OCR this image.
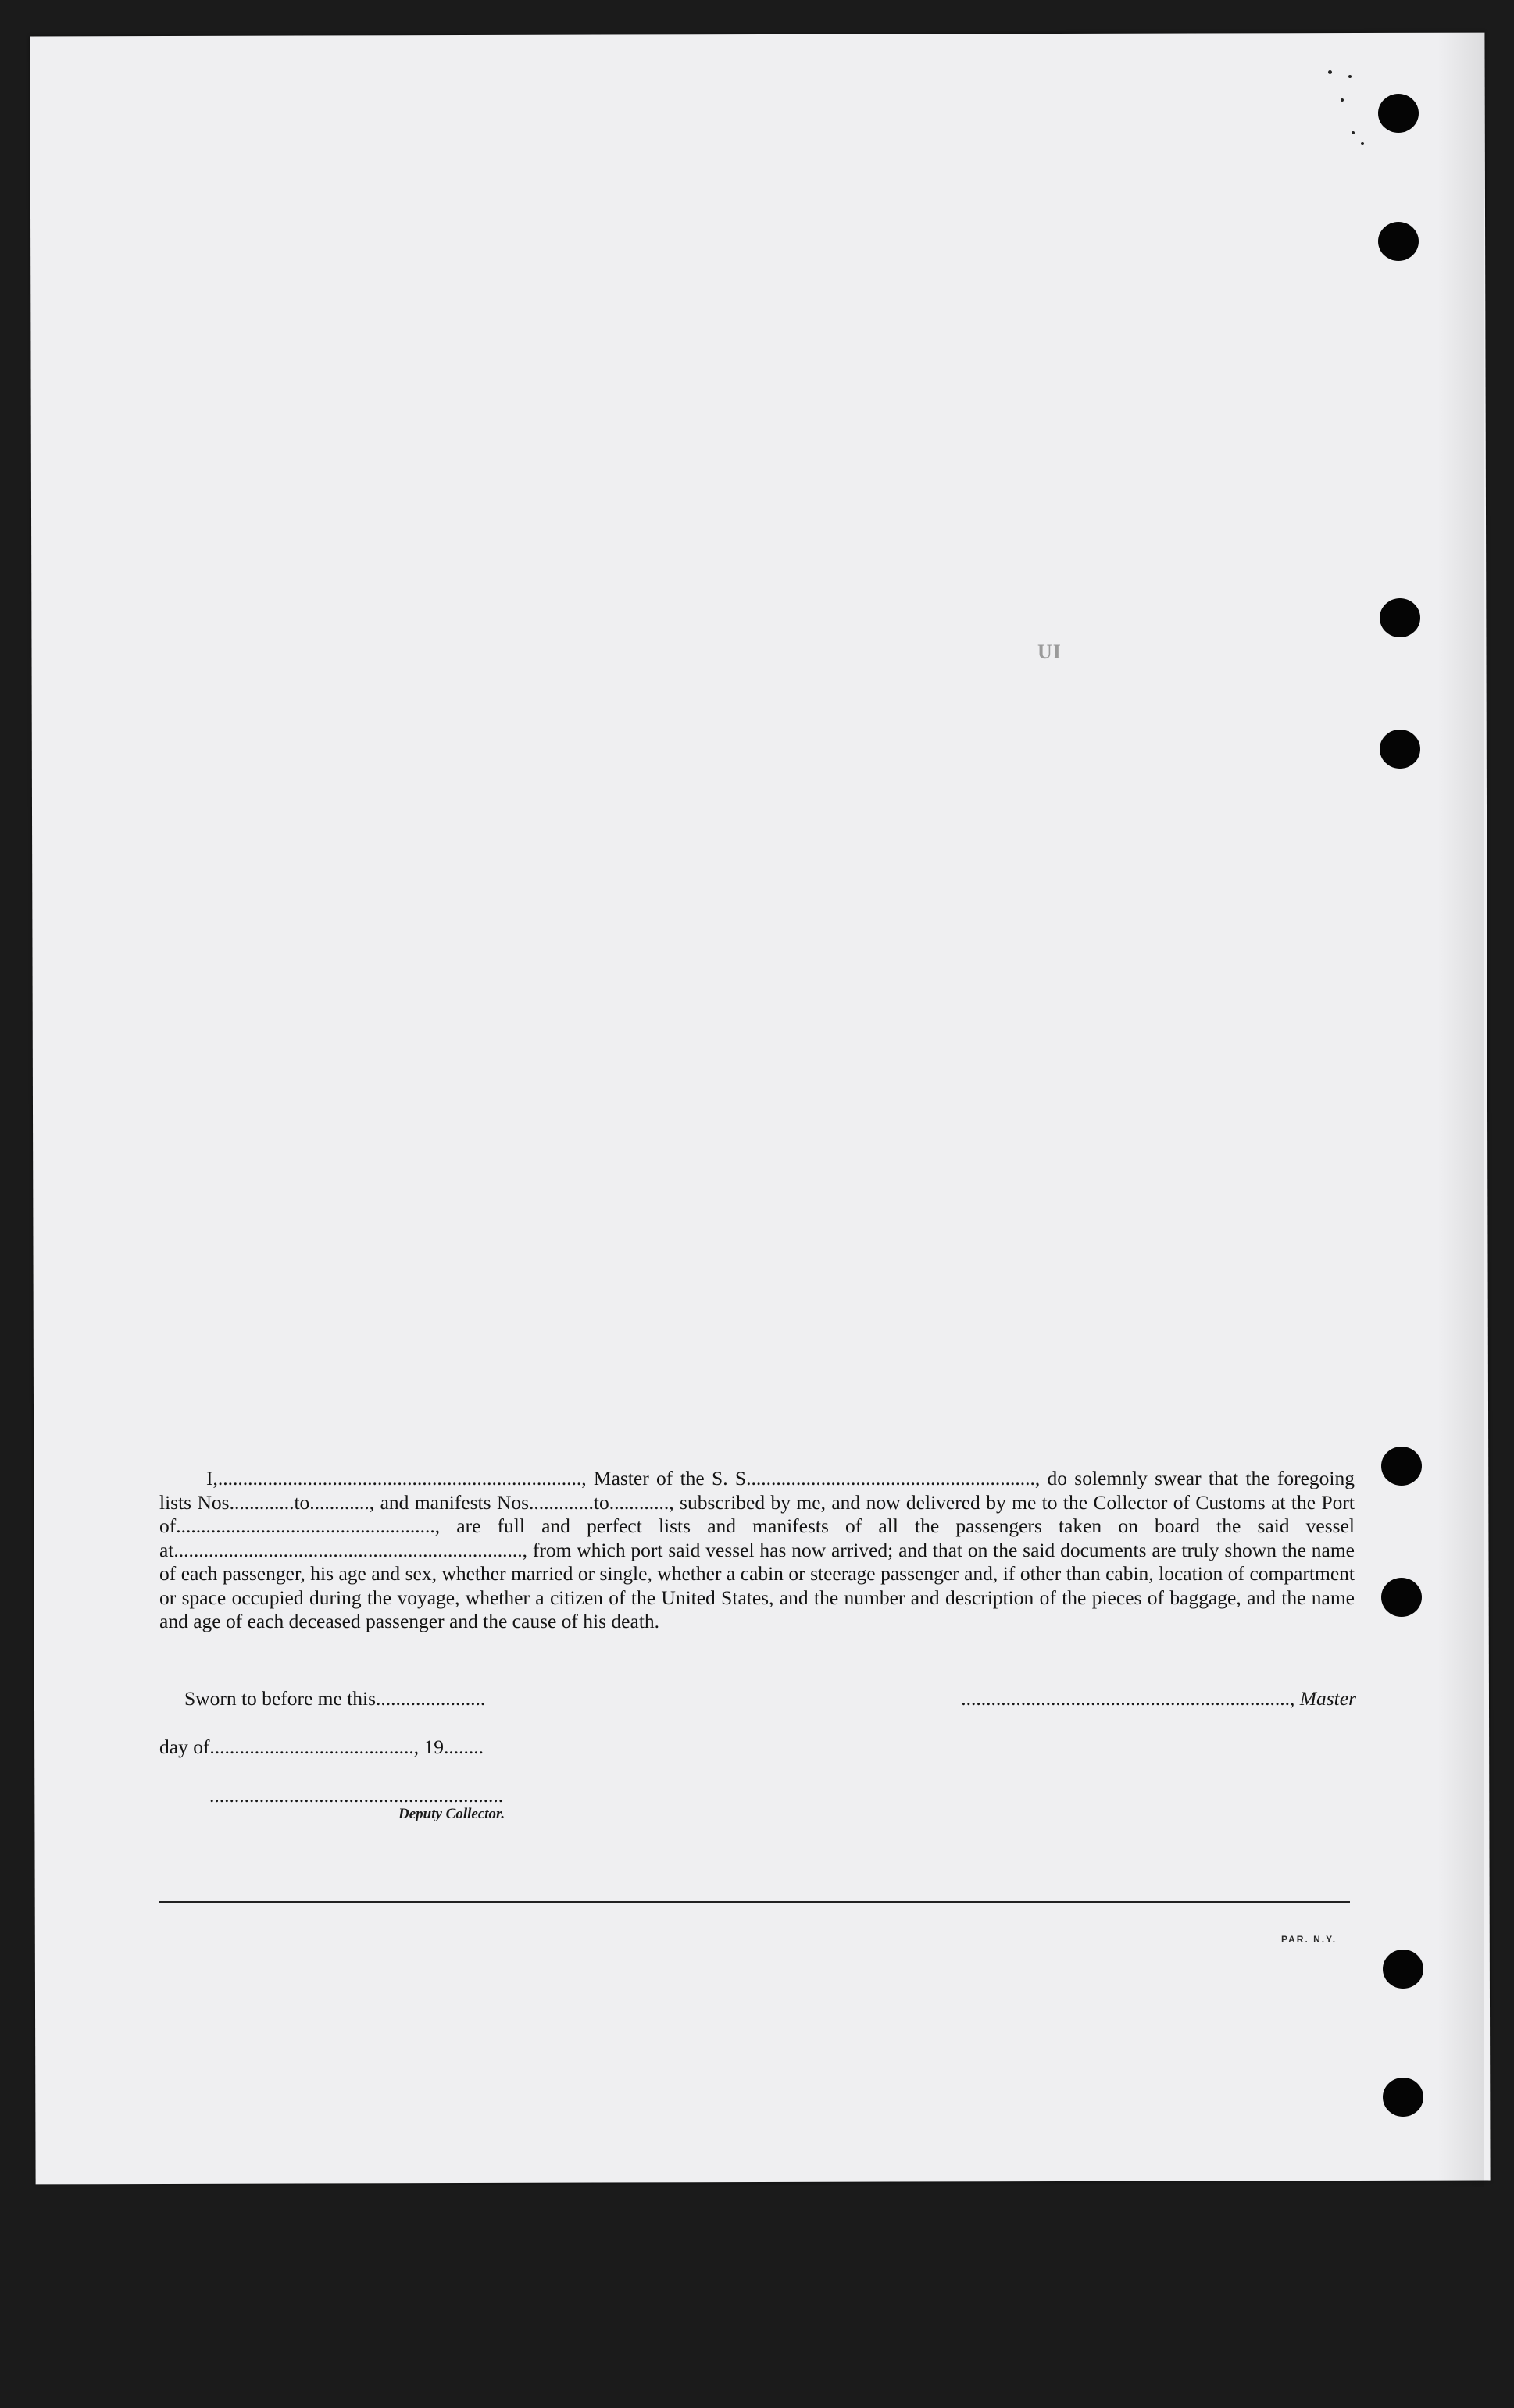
UI

I,........................................................................., Master of the S. S.........................................................., do solemnly swear that the foregoing lists Nos.............to............, and manifests Nos.............to............, subscribed by me, and now delivered by me to the Collector of Customs at the Port of...................................................., are full and perfect lists and manifests of all the passengers taken on board the said vessel at......................................................................, from which port said vessel has now arrived; and that on the said documents are truly shown the name of each passenger, his age and sex, whether married or single, whether a cabin or steerage passenger and, if other than cabin, location of compartment or space occupied during the voyage, whether a citizen of the United States, and the number and description of the pieces of baggage, and the name and age of each deceased passenger and the cause of his death.

Sworn to before me this......................	.................................................................., Master
day of........................................., 19........
...........................................................
Deputy Collector.
PAR. N.Y.
